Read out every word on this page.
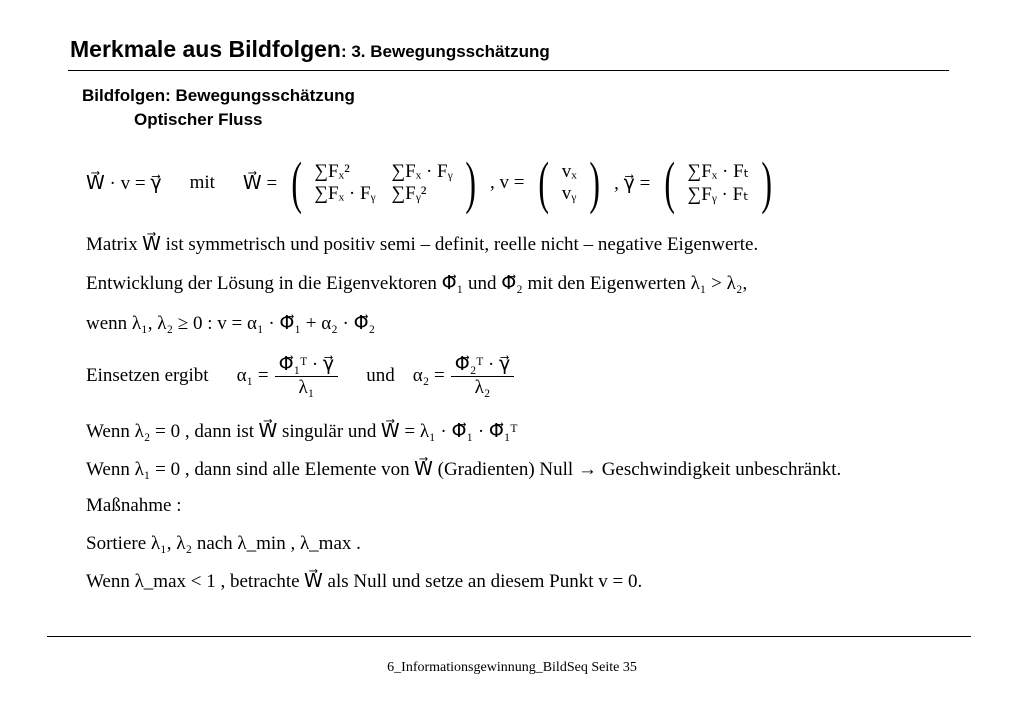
Merkmale aus Bildfolgen: 3. Bewegungsschätzung
Bildfolgen: Bewegungsschätzung
Optischer Fluss
W⃗ · v = γ⃗ mit W⃗ = ( ∑Fₓ²	∑Fₓ · Fᵧ
∑Fₓ · Fᵧ	∑Fᵧ² ) , v = ( vₓ
vᵧ ) , γ⃗ = ( ∑Fₓ · Fₜ
∑Fᵧ · Fₜ )
Matrix W⃗ ist symmetrisch und positiv semi – definit, reelle nicht – negative Eigenwerte.
Entwicklung der Lösung in die Eigenvektoren Φ⃗₁ und Φ⃗₂ mit den Eigenwerten λ₁ > λ₂,
wenn λ₁, λ₂ ≥ 0 : v = α₁ · Φ⃗₁ + α₂ · Φ⃗₂
Einsetzen ergibt $\alpha_1 = \frac{\text{Φ⃗₁ᵀ · γ⃗}}{\text{λ₁}}$ und $\alpha_2 = \frac{\text{Φ⃗₂ᵀ · γ⃗}}{\text{λ₂}}$
Wenn λ₂ = 0 , dann ist W⃗ singulär und W⃗ = λ₁ · Φ⃗₁ · Φ⃗₁ᵀ
Wenn λ₁ = 0 , dann sind alle Elemente von W⃗ (Gradienten) Null → Geschwindigkeit unbeschränkt.
Maßnahme :
Sortiere λ₁, λ₂ nach λ_min , λ_max .
Wenn λ_max < 1 , betrachte W⃗ als Null und setze an diesem Punkt v = 0.
6_Informationsgewinnung_BildSeq Seite 35
